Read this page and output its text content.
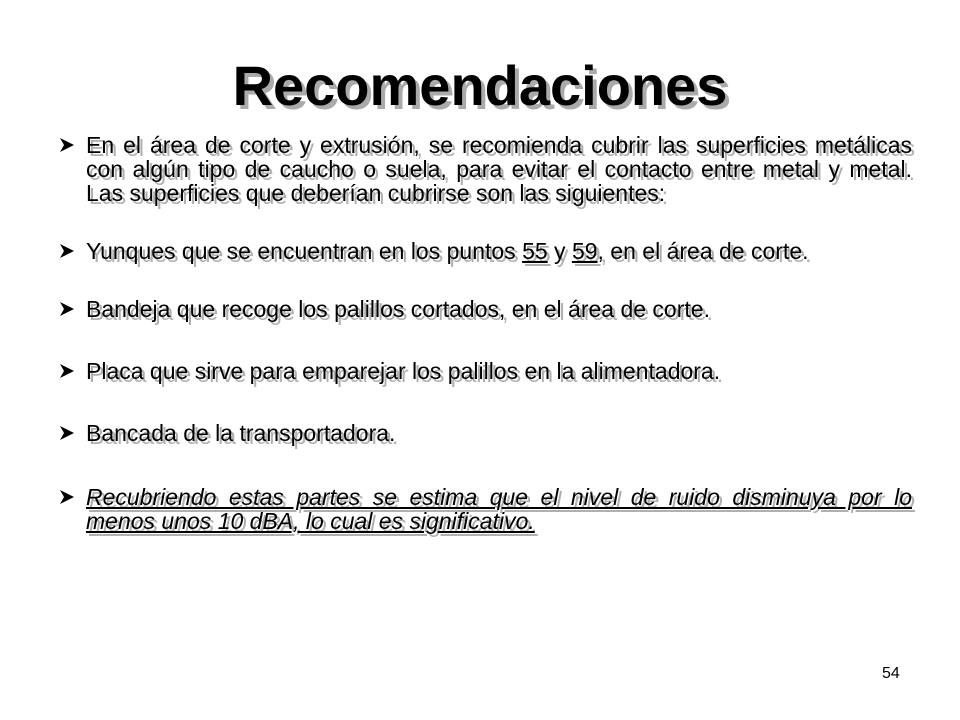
Recomendaciones
En el área de corte y extrusión, se recomienda cubrir las superficies metálicas con algún tipo de caucho o suela, para evitar el contacto entre metal y metal. Las superficies que deberían cubrirse son las siguientes:
Yunques que se encuentran en los puntos 55 y 59, en el área de corte.
Bandeja que recoge los palillos cortados, en el área de corte.
Placa que sirve para emparejar los palillos en la alimentadora.
Bancada de la transportadora.
Recubriendo estas partes se estima que el nivel de ruido disminuya por lo menos unos 10 dBA, lo cual es significativo.
54
